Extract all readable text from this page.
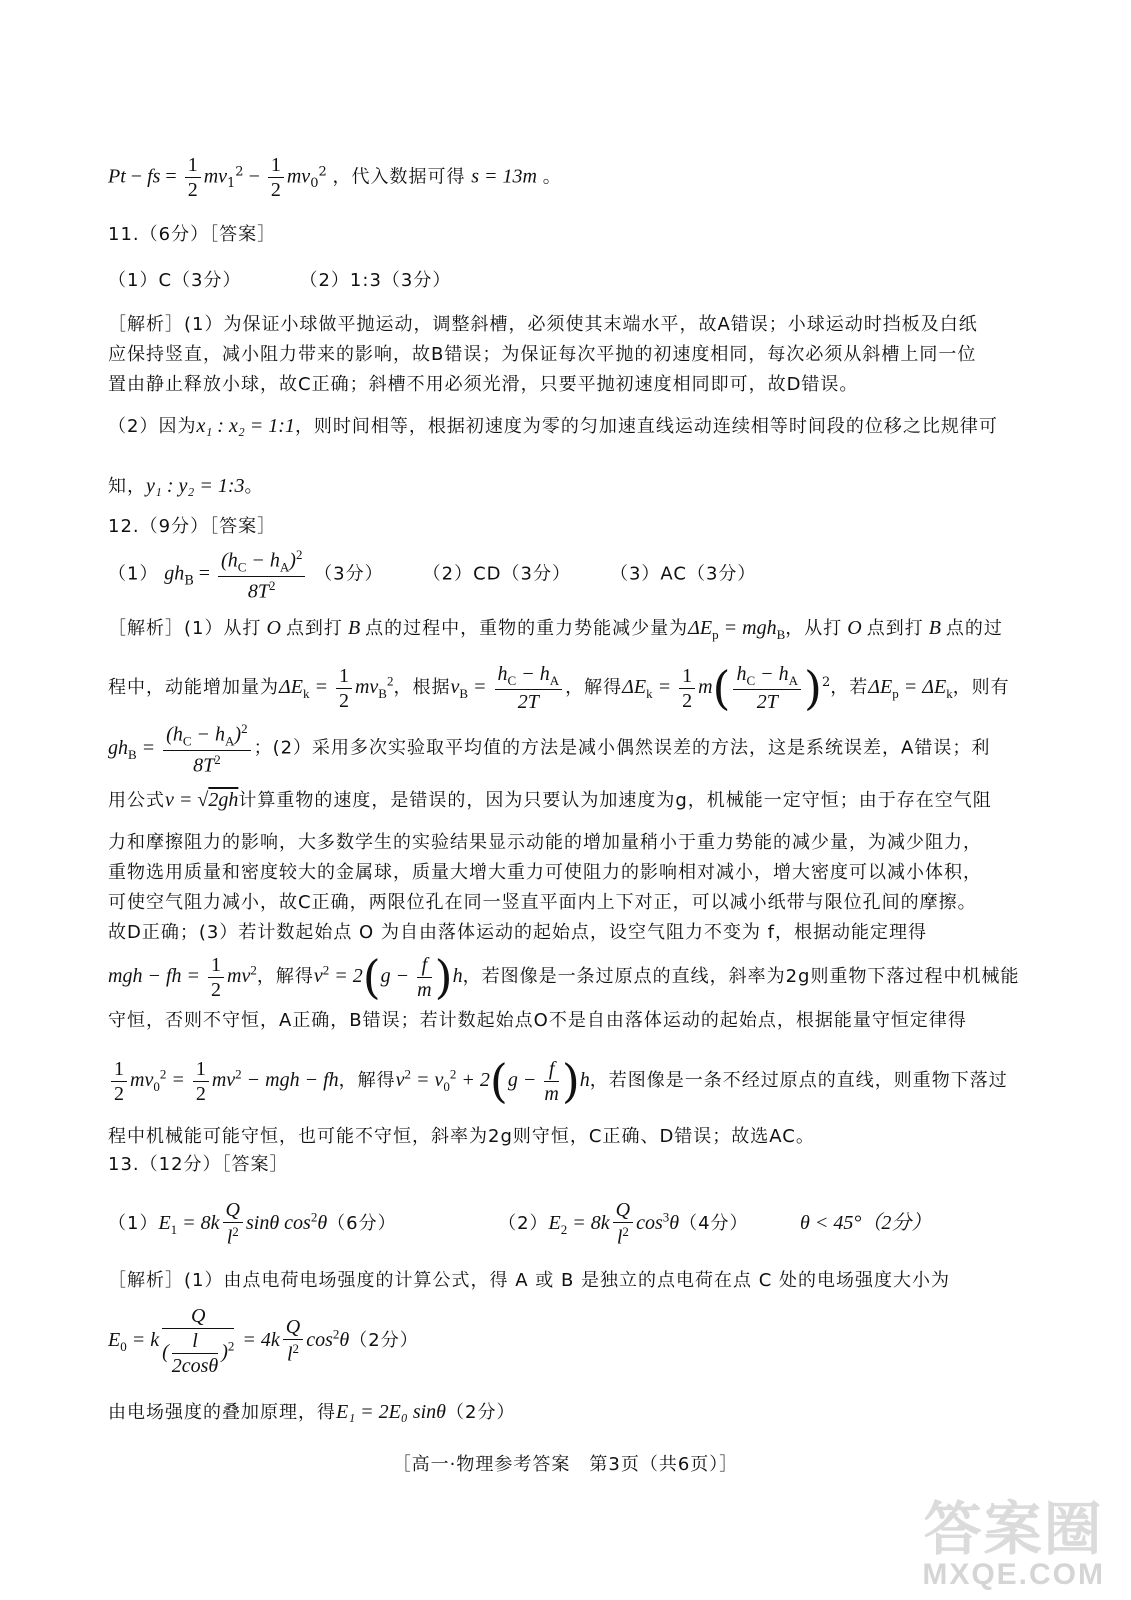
Pt − fs = $\frac{1}{2} mv_1^2 - \frac{1}{2} mv_0^2$ ，代入数据可得 s = 13m 。
11.（6分）［答案］
（1）C（3分）　　　　（2）1:3（3分）
［解析］(1）为保证小球做平抛运动，调整斜槽，必须使其末端水平，故A错误；小球运动时挡板及白纸
应保持竖直，减小阻力带来的影响，故B错误；为保证每次平抛的初速度相同，每次必须从斜槽上同一位
置由静止释放小球，故C正确；斜槽不用必须光滑，只要平抛初速度相同即可，故D错误。
（2）因为x₁ : x₂ = 1:1，则时间相等，根据初速度为零的匀加速直线运动连续相等时间段的位移之比规律可
知，y₁ : y₂ = 1:3。
12.（9分）［答案］
（1） $gh_B = \frac{(h_C - h_A)^2}{8T^2} (3$分）　　　（2）CD（3分）　　　（3）AC（3分）
［解析］(1）从打 O 点到打 B 点的过程中，重物的重力势能减少量为$\Delta E_p = mgh_B$，从打 O 点到打 B 点的过
程中，动能增加量为$\Delta E_k = \frac{1}{2} mv_B^2$，根据$v_B = \frac{h_C - h_A}{2T}$ ，解得$\Delta E_k = \frac{1}{2} m( \frac{h_C - h_A}{2T} )^2$，若$\Delta E_p = \Delta E_k$，则有
$gh_B = \frac{(h_C - h_A)^2}{8T^2}$ ；(2）采用多次实验取平均值的方法是减小偶然误差的方法，这是系统误差，A错误；利
用公式v = √2gh计算重物的速度，是错误的，因为只要认为加速度为g，机械能一定守恒；由于存在空气阻
力和摩擦阻力的影响，大多数学生的实验结果显示动能的增加量稍小于重力势能的减少量，为减少阻力，
重物选用质量和密度较大的金属球，质量大增大重力可使阻力的影响相对减小，增大密度可以减小体积，
可使空气阻力减小，故C正确，两限位孔在同一竖直平面内上下对正，可以减小纸带与限位孔间的摩擦。
故D正确；(3）若计数起始点 O 为自由落体运动的起始点，设空气阻力不变为 f，根据动能定理得
mgh − fh = $\frac{1}{2} mv^2$，解得$v^2 = 2(g - \frac{f}{m} )h$，若图像是一条过原点的直线，斜率为2g则重物下落过程中机械能
守恒，否则不守恒，A正确，B错误；若计数起始点O不是自由落体运动的起始点，根据能量守恒定律得
$\frac{1}{2} mv_0^2 = \frac{1}{2} mv^2$ − mgh − fh，解得$v^2 = v_0^2 + 2(g - \frac{f}{m} )h$，若图像是一条不经过原点的直线，则重物下落过
程中机械能可能守恒，也可能不守恒，斜率为2g则守恒，C正确、D错误；故选AC。
13.（12分）［答案］
$(1)E_1 = 8k \frac{Q}{l^2}$ sinθ $\cos^2\theta(6$分）	$(2)E_2 = 8k \frac{Q}{l^2} \cos^3\theta(4$分）	θ < 45°（2分）
［解析］(1）由点电荷电场强度的计算公式，得 A 或 B 是独立的点电荷在点 C 处的电场强度大小为
$E_0 = k \frac{Q}{( \frac{l}{2\cos\theta} )^2} = 4k \frac{Q}{l^2} \cos^2\theta(2$分）
由电场强度的叠加原理，得E₁ = 2E₀ sinθ（2分）
［高一·物理参考答案　第3页（共6页）］
答案圈
MXQE.COM
